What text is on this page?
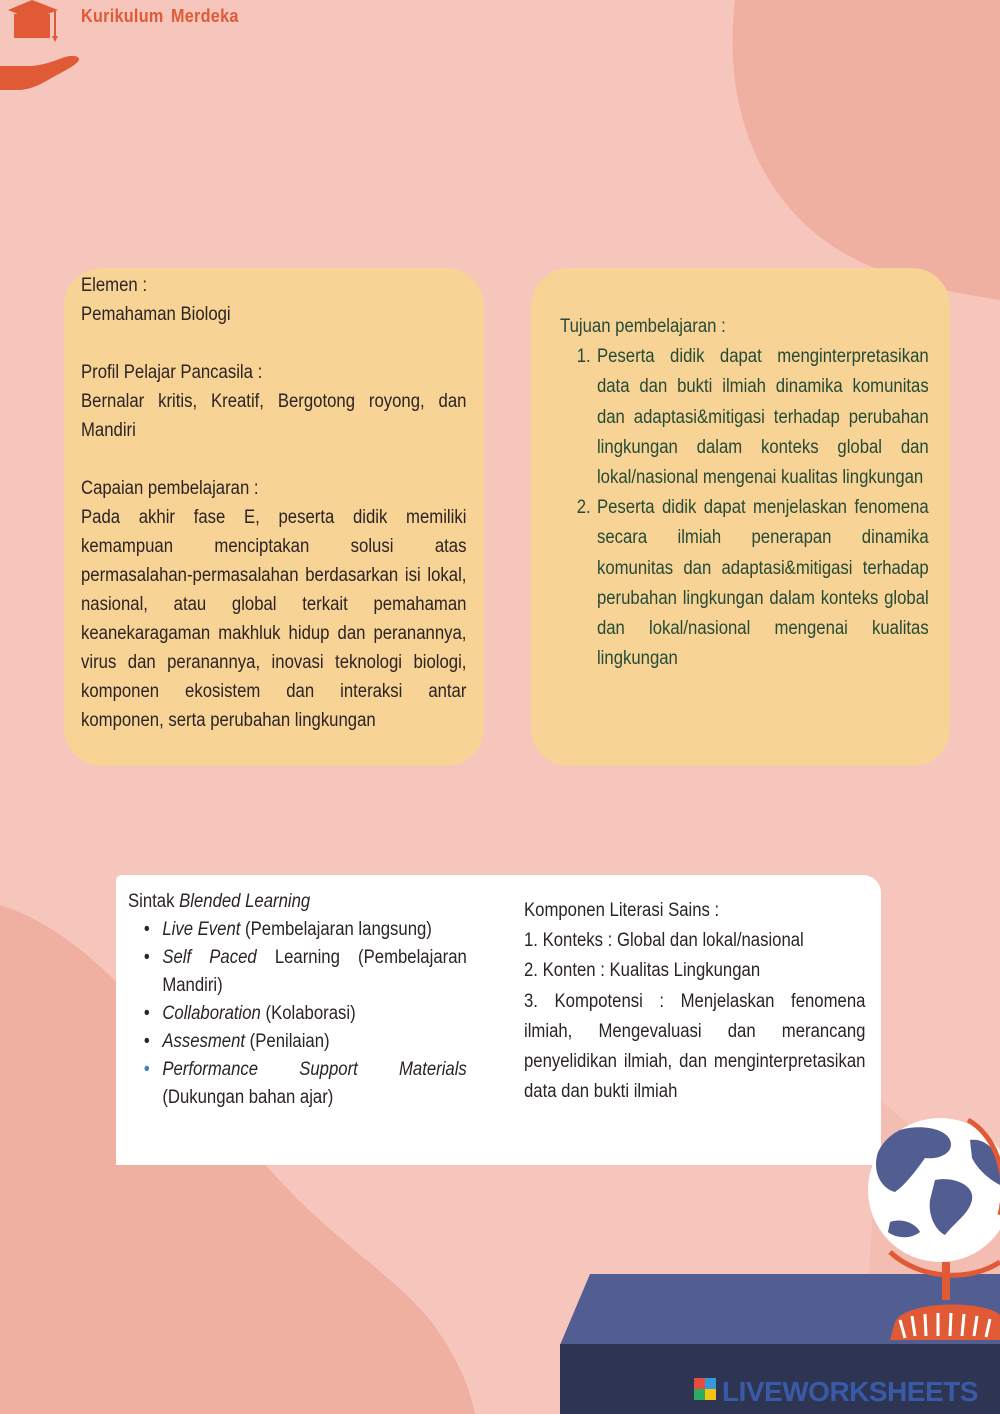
Kurikulum Merdeka
Elemen :
Pemahaman Biologi
Profil Pelajar Pancasila :
Bernalar kritis, Kreatif, Bergotong royong, dan Mandiri
Capaian pembelajaran :
Pada akhir fase E, peserta didik memiliki kemampuan menciptakan solusi atas permasalahan-permasalahan berdasarkan isi lokal, nasional, atau global terkait pemahaman keanekaragaman makhluk hidup dan peranannya, virus dan peranannya, inovasi teknologi biologi, komponen ekosistem dan interaksi antar komponen, serta perubahan lingkungan
Tujuan pembelajaran :
1. Peserta didik dapat menginterpretasikan data dan bukti ilmiah dinamika komunitas dan adaptasi&mitigasi terhadap perubahan lingkungan dalam konteks global dan lokal/nasional mengenai kualitas lingkungan
2. Peserta didik dapat menjelaskan fenomena secara ilmiah penerapan dinamika komunitas dan adaptasi&mitigasi terhadap perubahan lingkungan dalam konteks global dan lokal/nasional mengenai kualitas lingkungan
Sintak Blended Learning
• Live Event (Pembelajaran langsung)
• Self Paced Learning (Pembelajaran Mandiri)
• Collaboration (Kolaborasi)
• Assesment (Penilaian)
• Performance Support Materials (Dukungan bahan ajar)
Komponen Literasi Sains :
1. Konteks : Global dan lokal/nasional
2. Konten : Kualitas Lingkungan
3. Kompotensi : Menjelaskan fenomena ilmiah, Mengevaluasi dan merancang penyelidikan ilmiah, dan menginterpretasikan data dan bukti ilmiah
LIVEWORKSHEETS
